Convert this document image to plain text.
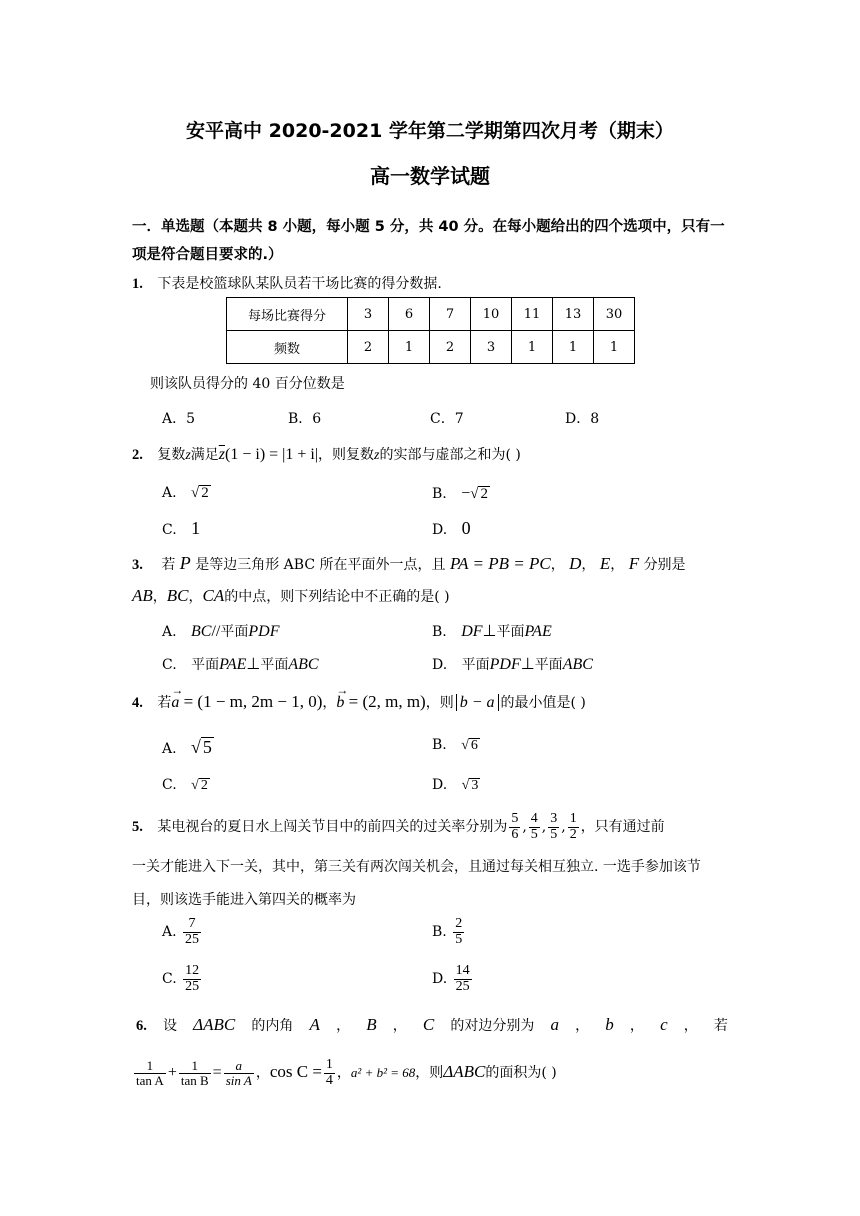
安平高中 2020-2021 学年第二学期第四次月考（期末）
高一数学试题
一．单选题（本题共 8 小题，每小题 5 分，共 40 分。在每小题给出的四个选项中，只有一
项是符合题目要求的.）
1. 下表是校篮球队某队员若干场比赛的得分数据.
每场比赛得分	3	6	7	10	11	13	30
频数	2	1	2	3	1	1	1
则该队员得分的 40 百分位数是
A．5	B．6	C．7	D．8
2. 复数z满足$\overline{z}(1 - i) = |1 + i|$，则复数z的实部与虚部之和为( )
A. √ 2	B. −√ 2
C. 1	D. 0
3. 若 P 是等边三角形 ABC 所在平面外一点，且 PA = PB = PC， D， E， F 分别是
AB，BC，CA的中点，则下列结论中不正确的是( )
A. BC//平面PDF	B. DF⊥平面PAE
C. 平面PAE⊥平面ABC	D. 平面PDF⊥平面ABC
4. 若
→
a = (1 − m, 2m − 1, 0)，
→
b = (2, m, m)，则 b − a 的最小值是( )
A. √ 5	B. √ 6
C. √ 2	D. √ 3
5. 某电视台的夏日水上闯关节目中的前四关的过关率分别为 $\frac{5}{6}$ , $\frac{4}{5}$ , $\frac{3}{5}$ , $\frac{1}{2}$ ，只有通过前
一关才能进入下一关，其中，第三关有两次闯关机会，且通过每关相互独立. 一选手参加该节
目，则该选手能进入第四关的概率为
A. $\frac{7}{25}$	B. $\frac{2}{5}$
C. $\frac{12}{25}$	D. $\frac{14}{25}$
6. 设 ΔABC 的内角 A ， B ， C 的对边分别为 a ， b ， c ， 若
$\frac{1}{\text{tan A}} + \frac{1}{\text{tan B}} = \frac{a}{\text{sin A}}$ ，$\cos C = \frac{1}{4}$ ，a² + b² = 68，则ΔABC的面积为( )
